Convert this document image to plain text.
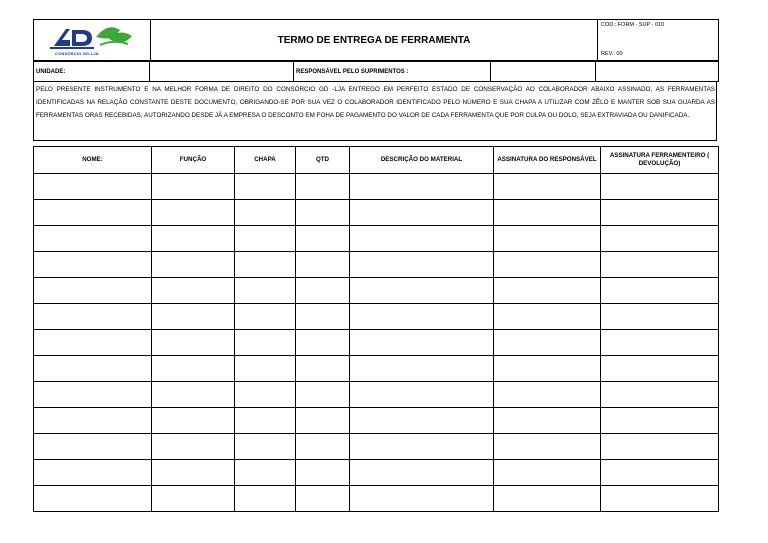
CONSÓRCIO GD-LJA
	TERMO DE ENTREGA DE FERRAMENTA	
COD.: FORM - SUP - 010
REV.: 00
UNIDADE:		RESPONSÁVEL PELO SUPRIMENTOS :		
PELO PRESENTE INSTRUMENTO E NA MELHOR FORMA DE DIREITO DO CONSÓRCIO GD -LJA ENTREGO EM PERFEITO ESTADO DE CONSERVAÇÃO AO COLABORADOR ABAIXO ASSINADO, AS FERRAMENTAS IDENTIFICADAS NA RELAÇÃO CONSTANTE DESTE DOCUMENTO, OBRIGANDO-SE POR SUA VEZ O COLABORADOR IDENTIFICADO PELO NÚMERO E SUA CHAPA A UTILIZAR COM ZÊLO E MANTER SOB SUA GUARDA AS FERRAMENTAS ORAS RECEBIDAS, AUTORIZANDO DESDE JÁ A EMPRESA O DESCONTO EM FOHA DE PAGAMENTO DO VALOR DE CADA FERRAMENTA QUE POR CULPA OU DOLO, SEJA EXTRAVIADA OU DANIFICADA.
NOME:	FUNÇÃO	CHAPA	QTD	DESCRIÇÃO DO MATERIAL	ASSINATURA DO RESPONSÁVEL	ASSINATURA FERRAMENTEIRO ( DEVOLUÇÃO)
